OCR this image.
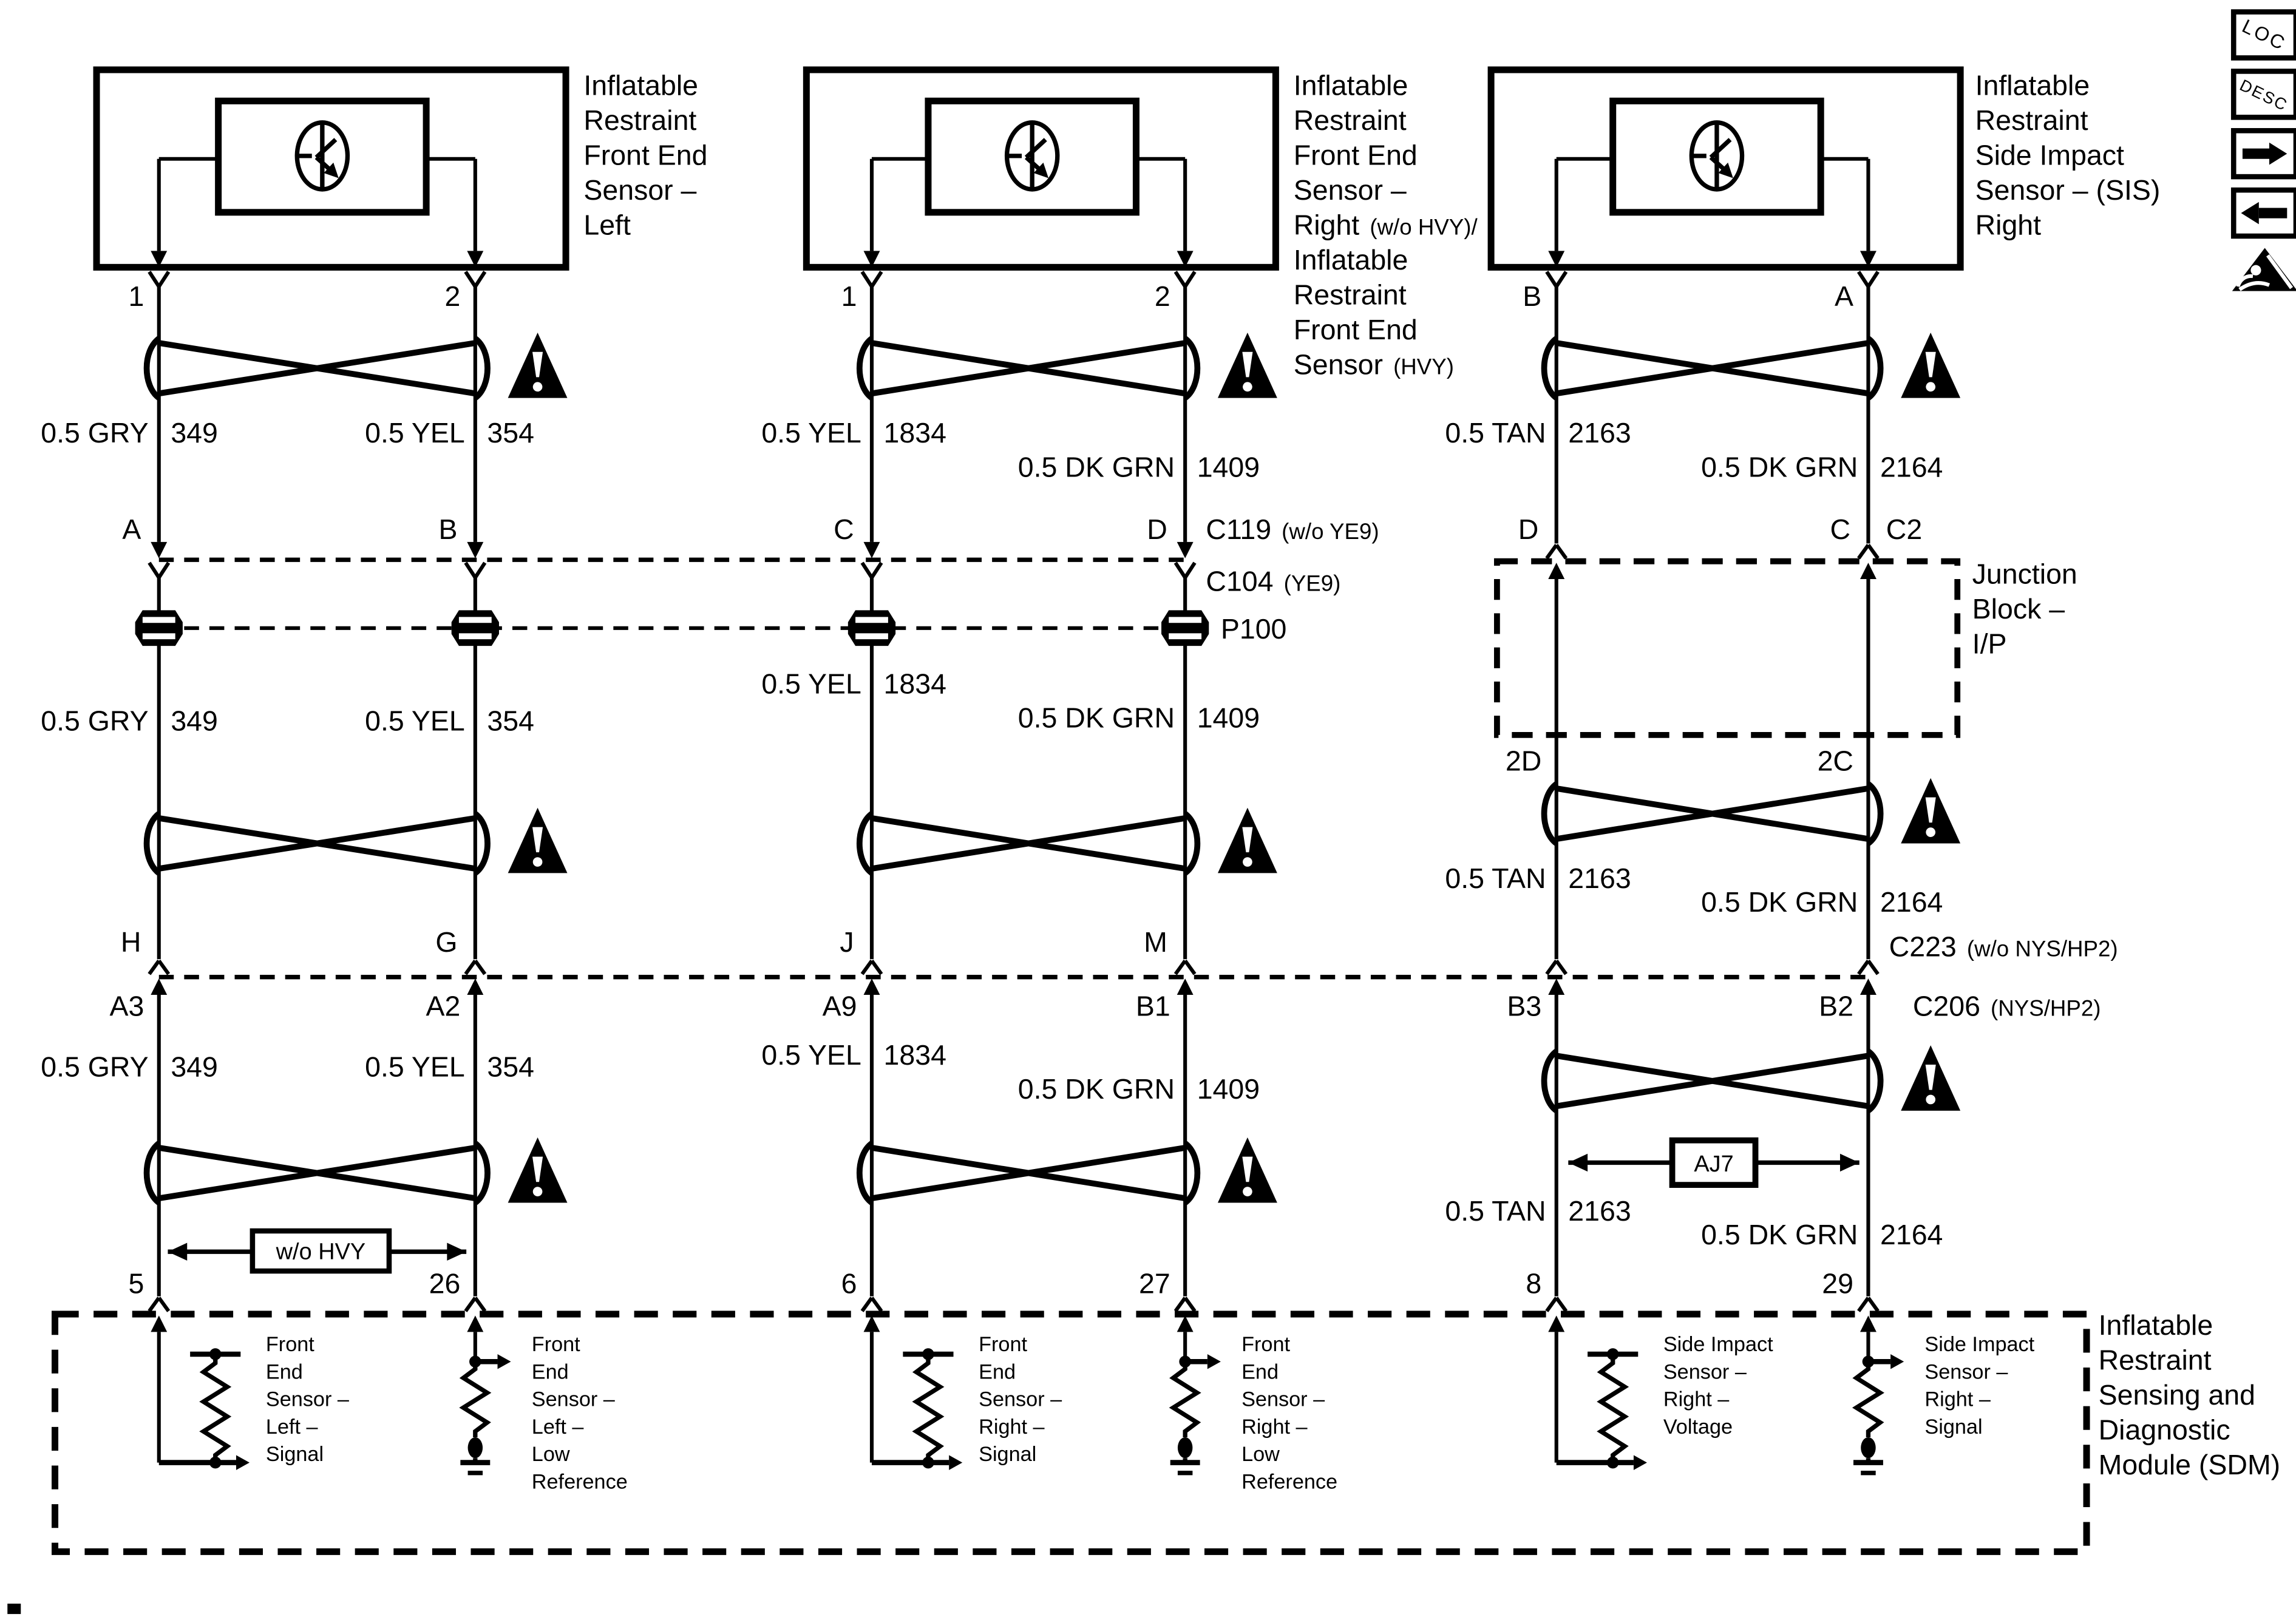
Inflatable
Restraint
Front End
Sensor –
Left
Inflatable
Restraint
Front End
Sensor –
Right (w/o HVY)/
Inflatable
Restraint
Front End
Sensor (HVY)
Inflatable
Restraint
Side Impact
Sensor – (SIS)
Right
1	2	1	2	B	A
0.5 GRY 349	0.5 YEL 354	0.5 YEL 1834
0.5 DK GRN 1409
0.5 TAN 2163
0.5 DK GRN 2164
A	B	C	D	C119 (w/o YE9)
C104 (YE9)
P100
D	C	C2
Junction
Block –
I/P
2D	2C
0.5 GRY 349	0.5 YEL 354
0.5 YEL 1834
0.5 DK GRN 1409
0.5 TAN 2163
0.5 DK GRN 2164
H	G	J	M	C223 (w/o NYS/HP2)
A3	A2	A9	B1	B3	B2	C206 (NYS/HP2)
0.5 GRY 349	0.5 YEL 354	0.5 YEL 1834
0.5 DK GRN 1409
0.5 TAN 2163
0.5 DK GRN 2164
w/o HVY
AJ7
5	26	6	27	8	29
Front
End
Sensor –
Left –
Signal
Front
End
Sensor –
Left –
Low
Reference
Front
End
Sensor –
Right –
Signal
Front
End
Sensor –
Right –
Low
Reference
Side Impact
Sensor –
Right –
Voltage
Side Impact
Sensor –
Right –
Signal
Inflatable
Restraint
Sensing and
Diagnostic
Module (SDM)
LOC
DESC
